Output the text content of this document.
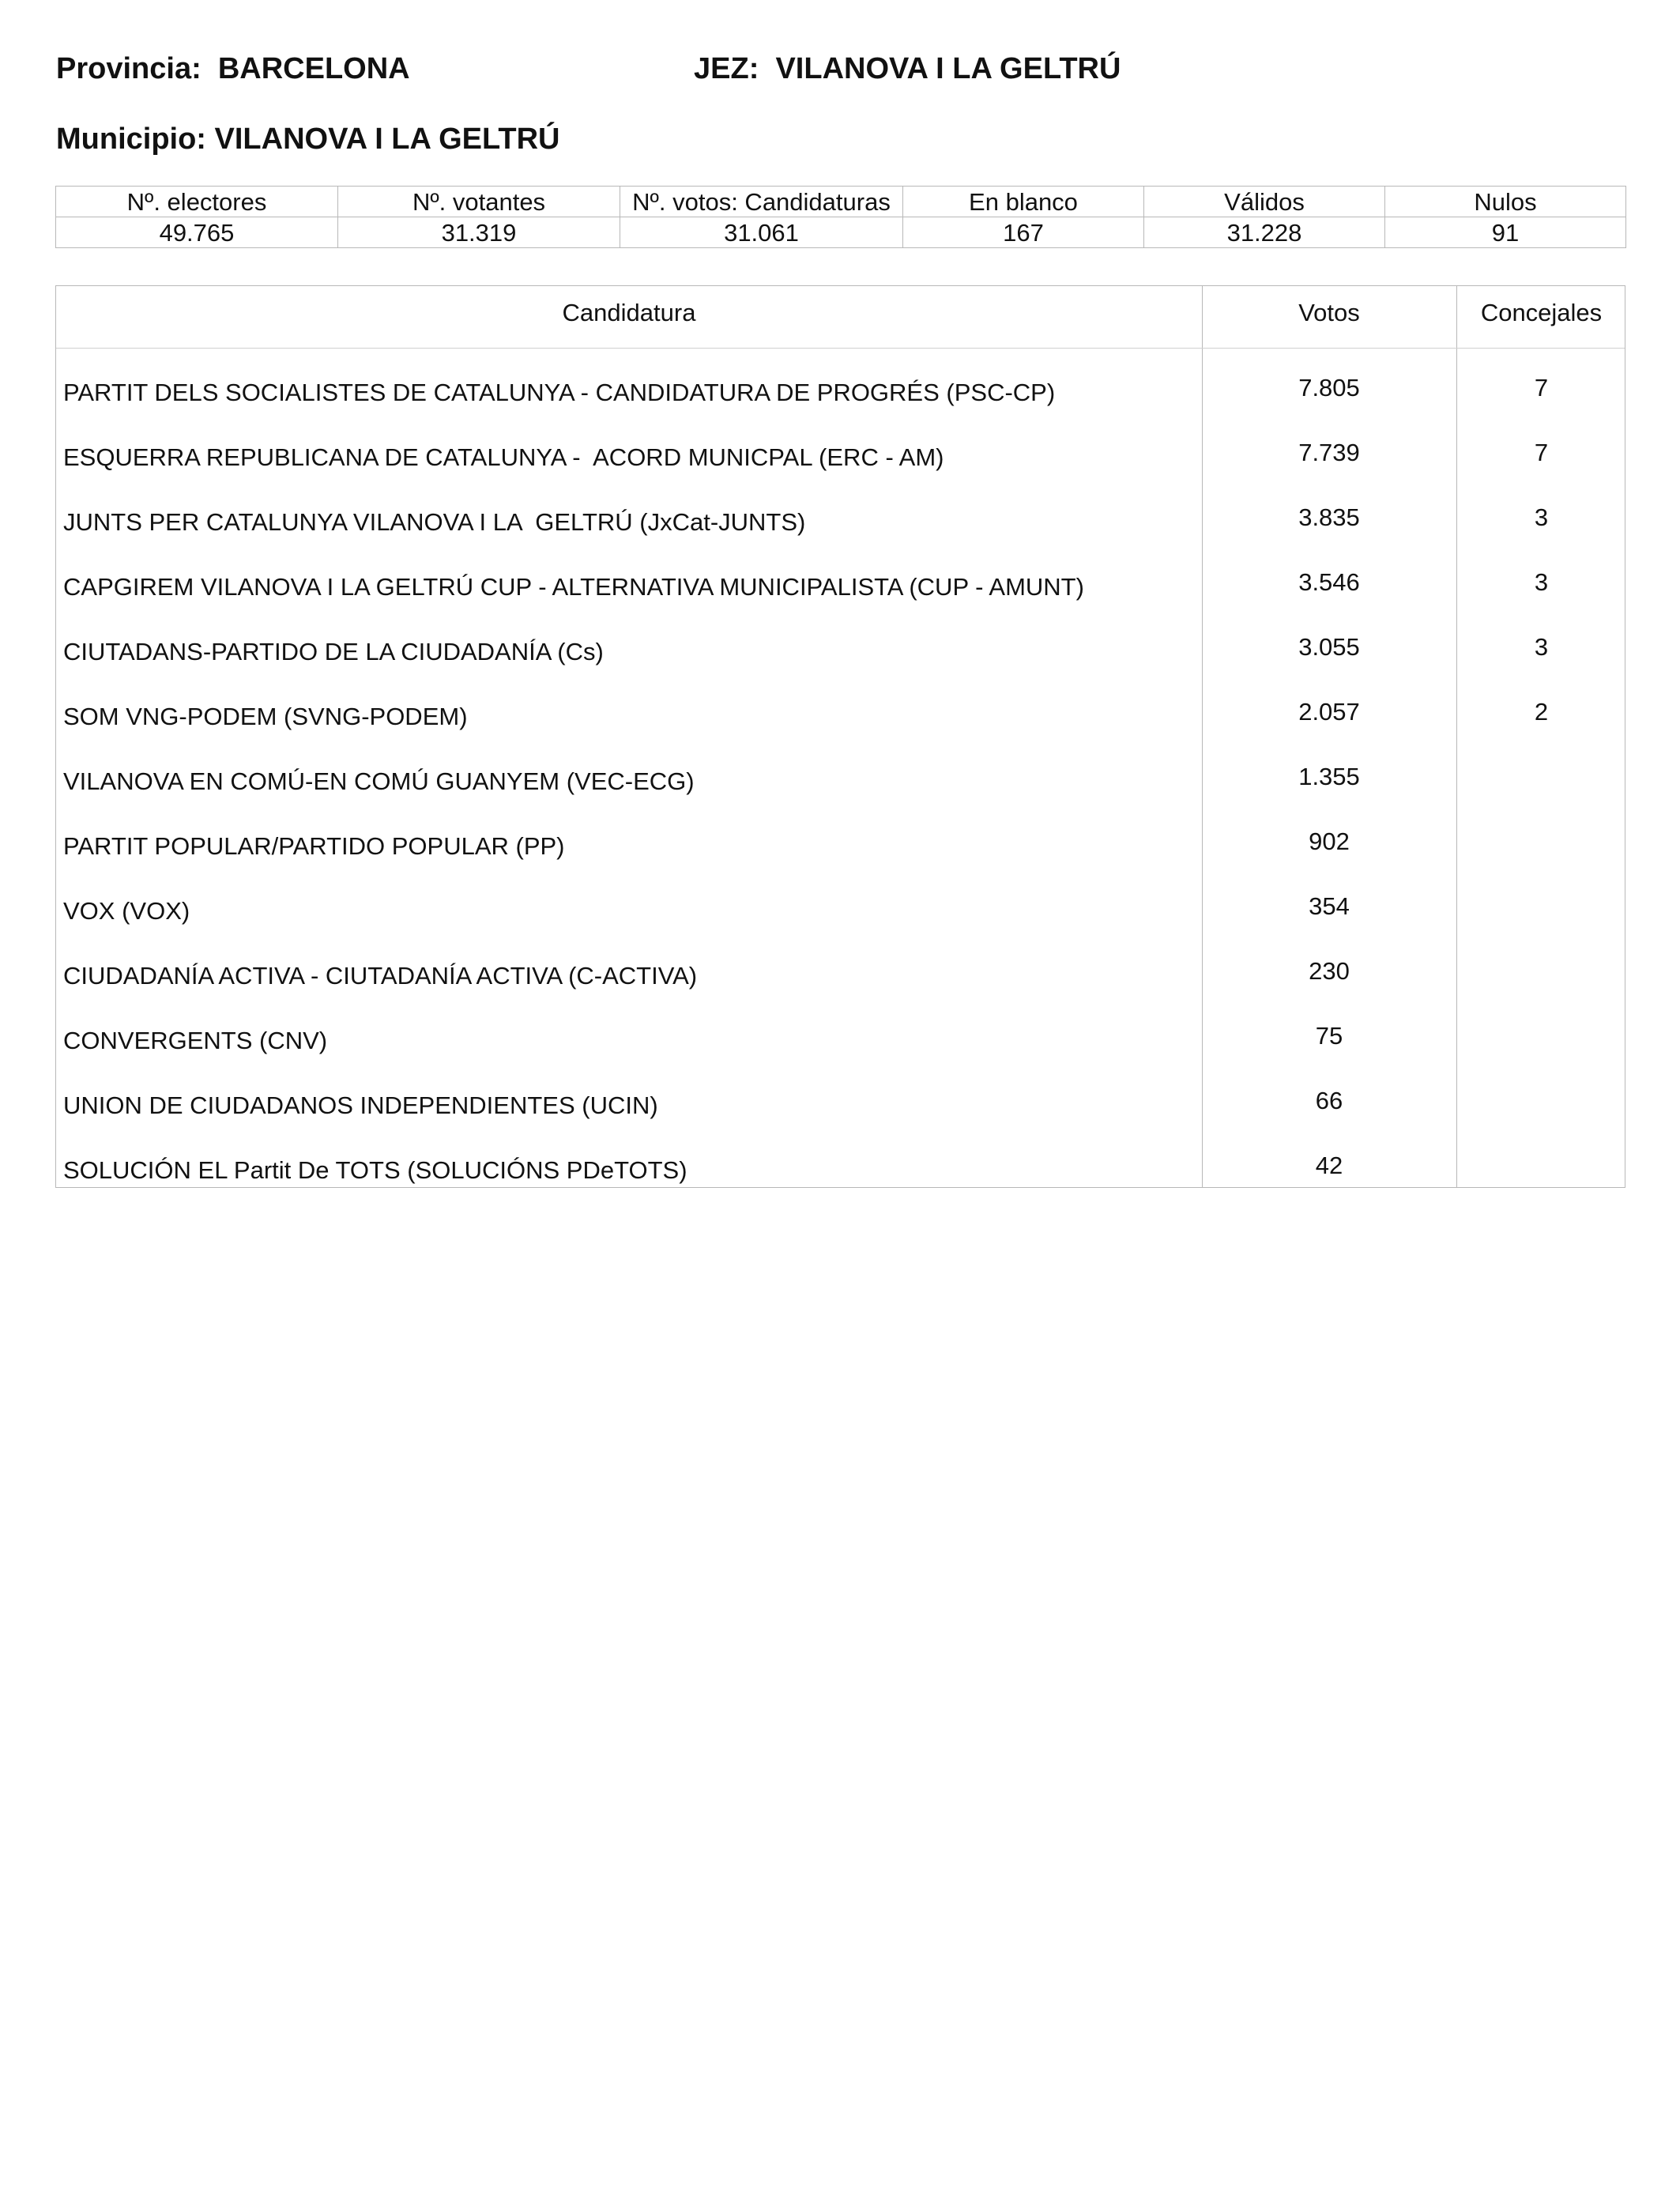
Provincia:  BARCELONA	JEZ:  VILANOVA I LA GELTRÚ
Municipio: VILANOVA I LA GELTRÚ
Nº. electores	Nº. votantes	Nº. votos: Candidaturas	En blanco	Válidos	Nulos
49.765	31.319	31.061	167	31.228	91
Candidatura	Votos	Concejales
PARTIT DELS SOCIALISTES DE CATALUNYA - CANDIDATURA DE PROGRÉS (PSC-CP)	7.805	7
ESQUERRA REPUBLICANA DE CATALUNYA -  ACORD MUNICPAL (ERC - AM)	7.739	7
JUNTS PER CATALUNYA VILANOVA I LA  GELTRÚ (JxCat-JUNTS)	3.835	3
CAPGIREM VILANOVA I LA GELTRÚ CUP - ALTERNATIVA MUNICIPALISTA (CUP - AMUNT)	3.546	3
CIUTADANS-PARTIDO DE LA CIUDADANÍA (Cs)	3.055	3
SOM VNG-PODEM (SVNG-PODEM)	2.057	2
VILANOVA EN COMÚ-EN COMÚ GUANYEM (VEC-ECG)	1.355
PARTIT POPULAR/PARTIDO POPULAR (PP)	902
VOX (VOX)	354
CIUDADANÍA ACTIVA - CIUTADANÍA ACTIVA (C-ACTIVA)	230
CONVERGENTS (CNV)	75
UNION DE CIUDADANOS INDEPENDIENTES (UCIN)	66
SOLUCIÓN EL Partit De TOTS (SOLUCIÓNS PDeTOTS)	42
